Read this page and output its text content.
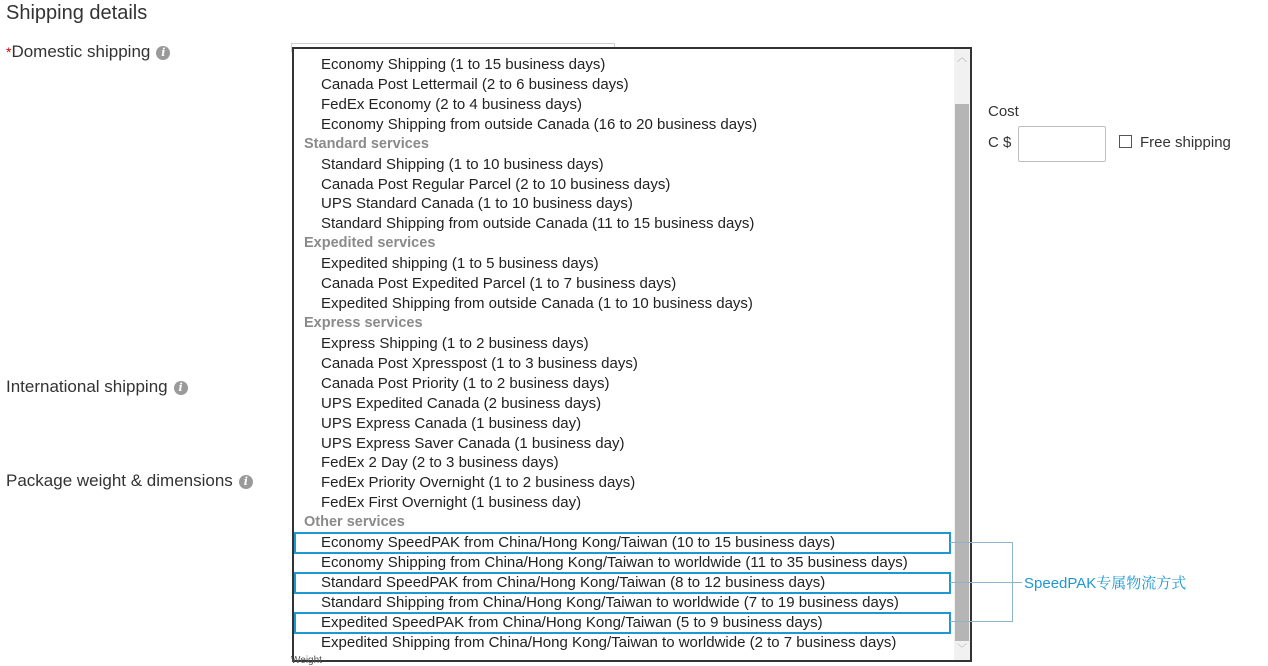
Shipping details
*Domestic shipping i
International shipping i
Package weight & dimensions i
Economy Shipping (1 to 15 business days)
Canada Post Lettermail (2 to 6 business days)
FedEx Economy (2 to 4 business days)
Economy Shipping from outside Canada (16 to 20 business days)
Standard services
Standard Shipping (1 to 10 business days)
Canada Post Regular Parcel (2 to 10 business days)
UPS Standard Canada (1 to 10 business days)
Standard Shipping from outside Canada (11 to 15 business days)
Expedited services
Expedited shipping (1 to 5 business days)
Canada Post Expedited Parcel (1 to 7 business days)
Expedited Shipping from outside Canada (1 to 10 business days)
Express services
Express Shipping (1 to 2 business days)
Canada Post Xpresspost (1 to 3 business days)
Canada Post Priority (1 to 2 business days)
UPS Expedited Canada (2 business days)
UPS Express Canada (1 business day)
UPS Express Saver Canada (1 business day)
FedEx 2 Day (2 to 3 business days)
FedEx Priority Overnight (1 to 2 business days)
FedEx First Overnight (1 business day)
Other services
Economy SpeedPAK from China/Hong Kong/Taiwan (10 to 15 business days)
Economy Shipping from China/Hong Kong/Taiwan to worldwide (11 to 35 business days)
Standard SpeedPAK from China/Hong Kong/Taiwan (8 to 12 business days)
Standard Shipping from China/Hong Kong/Taiwan to worldwide (7 to 19 business days)
Expedited SpeedPAK from China/Hong Kong/Taiwan (5 to 9 business days)
Expedited Shipping from China/Hong Kong/Taiwan to worldwide (2 to 7 business days)
︿
﹀
Weight
Cost
C $	Free shipping
SpeedPAK专属物流方式
